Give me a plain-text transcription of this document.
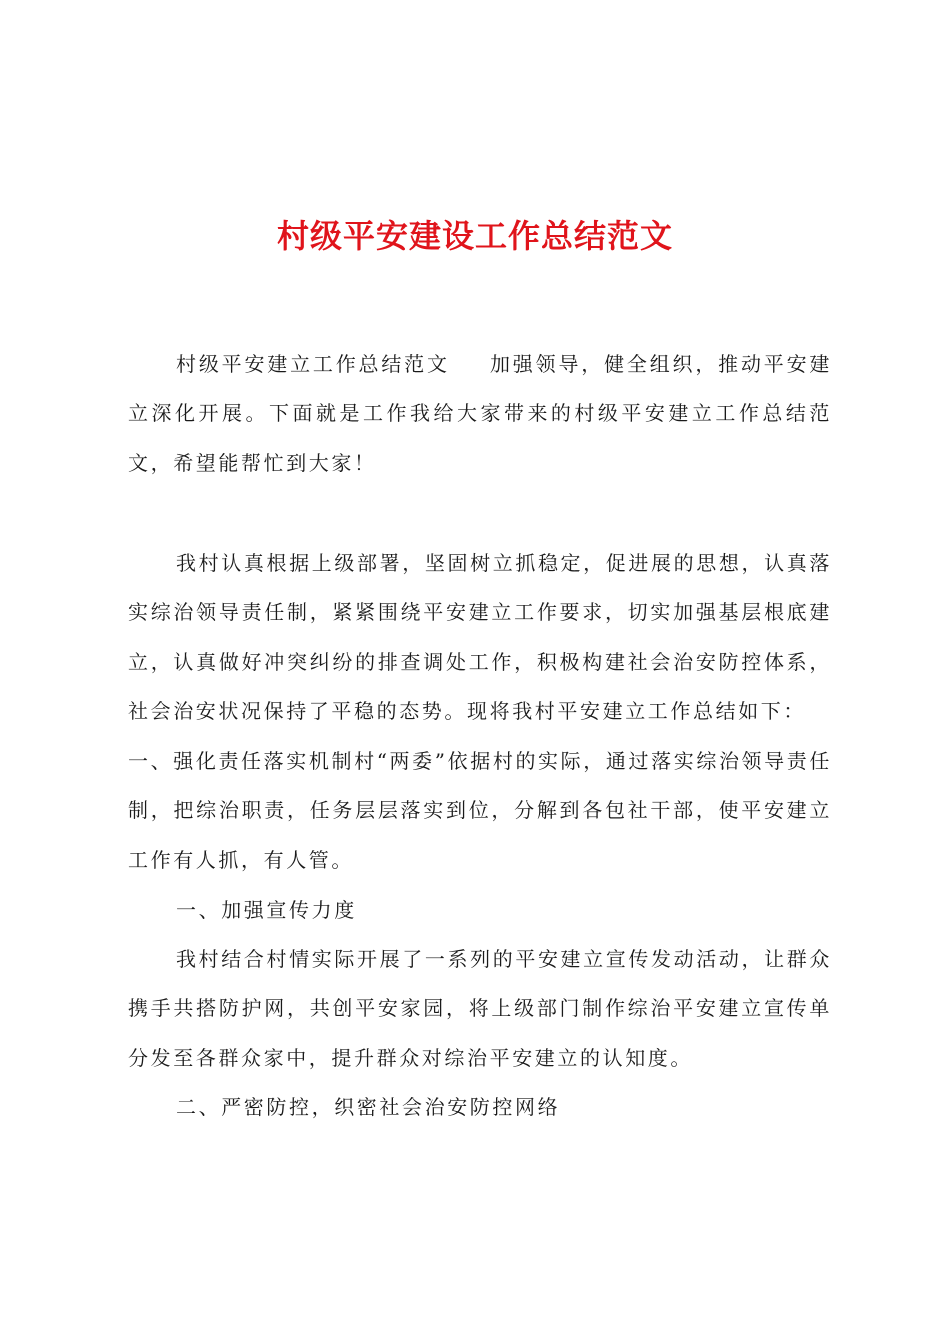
村级平安建设工作总结范文

村级平安建立工作总结范文 加强领导，健全组织，推动平安建立深化开展。下面就是工作我给大家带来的村级平安建立工作总结范文，希望能帮忙到大家！

我村认真根据上级部署，坚固树立抓稳定，促进展的思想，认真落实综治领导责任制，紧紧围绕平安建立工作要求，切实加强基层根底建立，认真做好冲突纠纷的排查调处工作，积极构建社会治安防控体系，社会治安状况保持了平稳的态势。现将我村平安建立工作总结如下：

一、强化责任落实机制村“两委”依据村的实际，通过落实综治领导责任制，把综治职责，任务层层落实到位，分解到各包社干部，使平安建立工作有人抓，有人管。

一、加强宣传力度

我村结合村情实际开展了一系列的平安建立宣传发动活动，让群众携手共搭防护网，共创平安家园，将上级部门制作综治平安建立宣传单分发至各群众家中，提升群众对综治平安建立的认知度。

二、严密防控，织密社会治安防控网络
